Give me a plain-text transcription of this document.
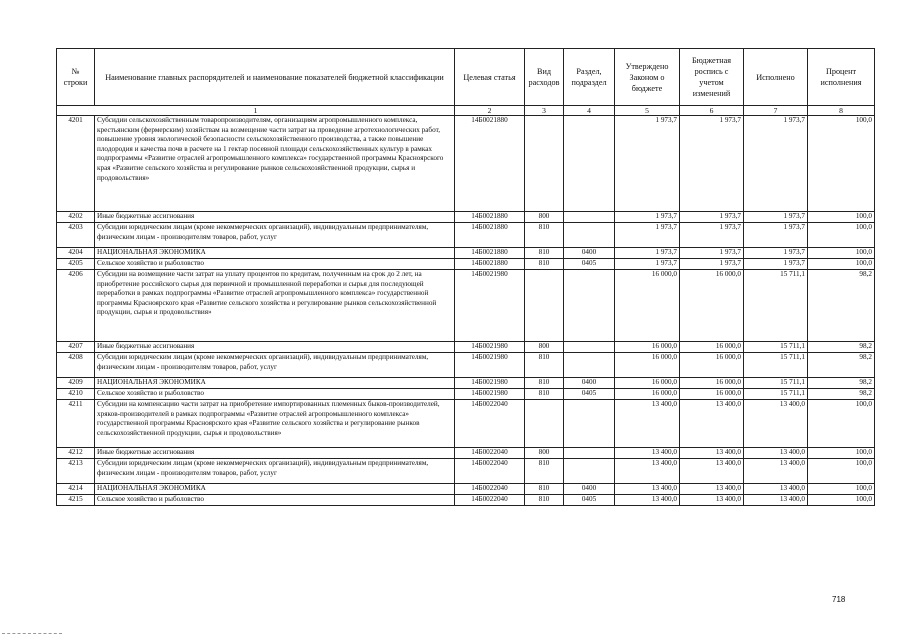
№ строки	Наименование главных распорядителей и наименование показателей бюджетной классификации	Целевая статья	Вид расходов	Раздел, подраздел	Утверждено Законом о бюджете	Бюджетная роспись с учетом изменений	Исполнено	Процент исполнения
1		2	3	4	5	6	7	8
4201	Субсидии сельскохозяйственным товаропроизводителям, организациям агропромышленного комплекса, крестьянским (фермерским) хозяйствам на возмещение части затрат на проведение агротехнологических работ, повышение уровня экологической безопасности сельскохозяйственного производства, а также повышение плодородия и качества почв в расчете на 1 гектар посевной площади сельскохозяйственных культур в рамках подпрограммы «Развитие отраслей агропромышленного комплекса» государственной программы Красноярского края «Развитие сельского хозяйства и регулирование рынков сельскохозяйственной продукции, сырья и продовольствия»	14Б0021880			1 973,7	1 973,7	1 973,7	100,0
4202	Иные бюджетные ассигнования	14Б0021880	800		1 973,7	1 973,7	1 973,7	100,0
4203	Субсидии юридическим лицам (кроме некоммерческих организаций), индивидуальным предпринимателям, физическим лицам - производителям товаров, работ, услуг	14Б0021880	810		1 973,7	1 973,7	1 973,7	100,0
4204	НАЦИОНАЛЬНАЯ ЭКОНОМИКА	14Б0021880	810	0400	1 973,7	1 973,7	1 973,7	100,0
4205	Сельское хозяйство и рыболовство	14Б0021880	810	0405	1 973,7	1 973,7	1 973,7	100,0
4206	Субсидии на возмещение части затрат на уплату процентов по кредитам, полученным на срок до 2 лет, на приобретение российского сырья для первичной и промышленной переработки и сырья для последующей переработки в рамках подпрограммы «Развитие отраслей агропромышленного комплекса» государственной программы Красноярского края «Развитие сельского хозяйства и регулирование рынков сельскохозяйственной продукции, сырья и продовольствия»	14Б0021980			16 000,0	16 000,0	15 711,1	98,2
4207	Иные бюджетные ассигнования	14Б0021980	800		16 000,0	16 000,0	15 711,1	98,2
4208	Субсидии юридическим лицам (кроме некоммерческих организаций), индивидуальным предпринимателям, физическим лицам - производителям товаров, работ, услуг	14Б0021980	810		16 000,0	16 000,0	15 711,1	98,2
4209	НАЦИОНАЛЬНАЯ ЭКОНОМИКА	14Б0021980	810	0400	16 000,0	16 000,0	15 711,1	98,2
4210	Сельское хозяйство и рыболовство	14Б0021980	810	0405	16 000,0	16 000,0	15 711,1	98,2
4211	Субсидии на компенсацию части затрат на приобретение импортированных племенных быков-производителей, хряков-производителей в рамках подпрограммы «Развитие отраслей агропромышленного комплекса» государственной программы Красноярского края «Развитие сельского хозяйства и регулирование рынков сельскохозяйственной продукции, сырья и продовольствия»	14Б0022040			13 400,0	13 400,0	13 400,0	100,0
4212	Иные бюджетные ассигнования	14Б0022040	800		13 400,0	13 400,0	13 400,0	100,0
4213	Субсидии юридическим лицам (кроме некоммерческих организаций), индивидуальным предпринимателям, физическим лицам - производителям товаров, работ, услуг	14Б0022040	810		13 400,0	13 400,0	13 400,0	100,0
4214	НАЦИОНАЛЬНАЯ ЭКОНОМИКА	14Б0022040	810	0400	13 400,0	13 400,0	13 400,0	100,0
4215	Сельское хозяйство и рыболовство	14Б0022040	810	0405	13 400,0	13 400,0	13 400,0	100,0
718
